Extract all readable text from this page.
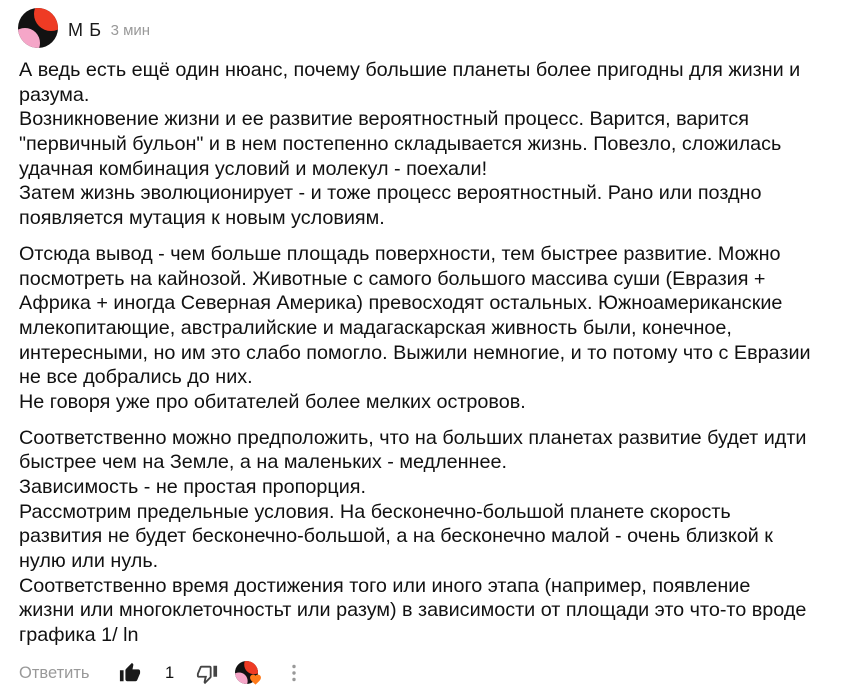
М Б 3 мин
А ведь есть ещё один нюанс, почему большие планеты более пригодны для жизни и
разума.
Возникновение жизни и ее развитие вероятностный процесс. Варится, варится
"первичный бульон" и в нем постепенно складывается жизнь. Повезло, сложилась
удачная комбинация условий и молекул - поехали!
Затем жизнь эволюционирует - и тоже процесс вероятностный. Рано или поздно
появляется мутация к новым условиям.
Отсюда вывод - чем больше площадь поверхности, тем быстрее развитие. Можно
посмотреть на кайнозой. Животные с самого большого массива суши (Евразия +
Африка + иногда Северная Америка) превосходят остальных. Южноамериканские
млекопитающие, австралийские и мадагаскарская живность были, конечное,
интересными, но им это слабо помогло. Выжили немногие, и то потому что с Евразии
не все добрались до них.
Не говоря уже про обитателей более мелких островов.
Соответственно можно предположить, что на больших планетах развитие будет идти
быстрее чем на Земле, а на маленьких - медленнее.
Зависимость - не простая пропорция.
Рассмотрим предельные условия. На бесконечно-большой планете скорость
развития не будет бесконечно-большой, а на бесконечно малой - очень близкой к
нулю или нуль.
Соответственно время достижения того или иного этапа (например, появление
жизни или многоклеточностьт или разум) в зависимости от площади это что-то вроде
графика 1/ ln
Ответить	1
